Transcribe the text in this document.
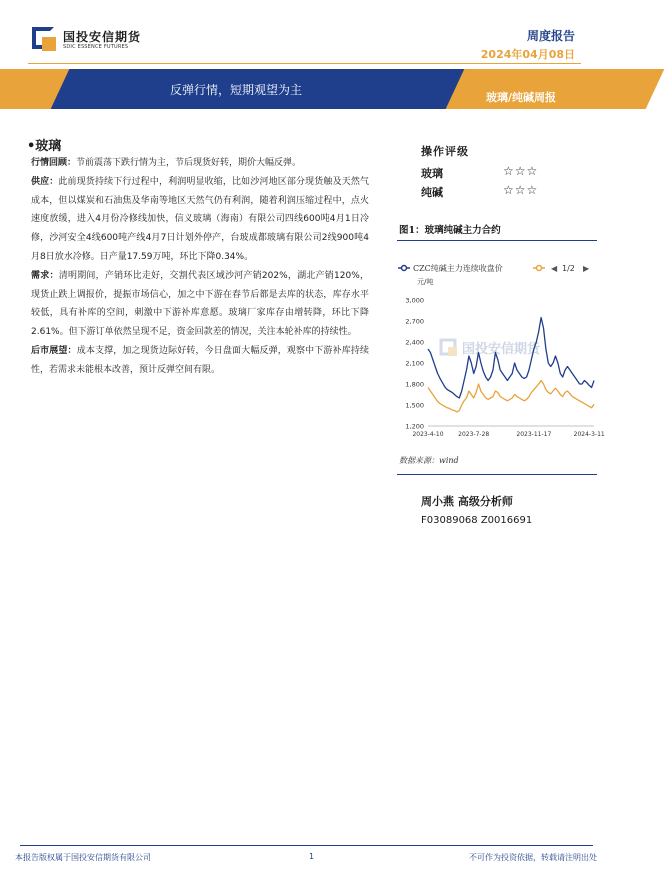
国投安信期货
SDIC ESSENCE FUTURES
周度报告
2024年04月08日
反弹行情，短期观望为主
玻璃/纯碱周报
•玻璃

行情回顾：节前震荡下跌行情为主，节后现货好转，期价大幅反弹。

供应：此前现货持续下行过程中，利润明显收缩，比如沙河地区部分现货触及天然气成本，但以煤炭和石油焦及华南等地区天然气仍有利润，随着利润压缩过程中，点火速度放缓，进入4月份冷修线加快，信义玻璃（海南）有限公司四线600吨4月1日冷修，沙河安全4线600吨产线4月7日计划外停产，台玻成都玻璃有限公司2线900吨4月8日放水冷修。日产量17.59万吨，环比下降0.34%。

需求：清明期间，产销环比走好，交割代表区域沙河产销202%，湖北产销120%，现货止跌上调报价，提振市场信心，加之中下游在春节后都是去库的状态，库存水平较低，具有补库的空间，刺激中下游补库意愿。玻璃厂家库存由增转降，环比下降2.61%。但下游订单依然呈现不足，资金回款差的情况，关注本轮补库的持续性。

后市展望：成本支撑，加之现货边际好转，今日盘面大幅反弹，观察中下游补库持续性，若需求未能根本改善，预计反弹空间有限。

操作评级
玻璃	☆☆☆
纯碱	☆☆☆
图1：玻璃纯碱主力合约
CZC纯碱主力连续收盘价	◀ 1/2 ▶
国投安信期货
元/吨
1,200
1,500
1,800
2,100
2,400
2,700
3,000
2023-4-10 2023-7-28	2023-11-17	2024-3-11
数据来源：wind
周小燕 高级分析师
F03089068 Z0016691
本报告版权属于国投安信期货有限公司	1	不可作为投资依据，转载请注明出处
